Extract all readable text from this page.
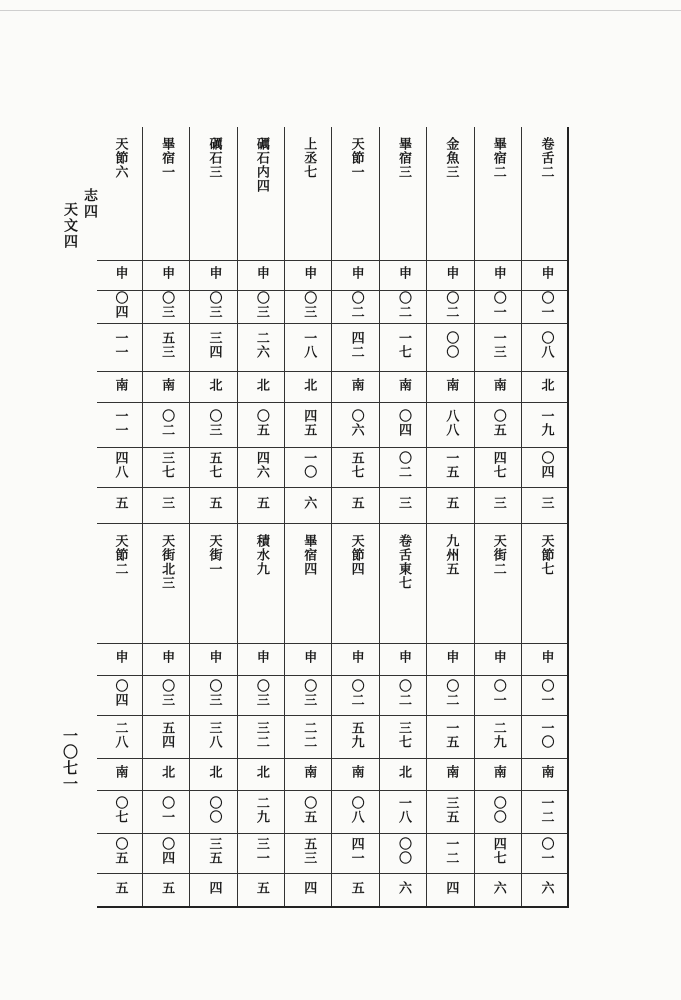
志四
天文四
一〇七一
天節六	畢宿一	礪石三	礪石内四	上丞七	天節一	畢宿三	金魚三	畢宿二	卷舌二
申	申	申	申	申	申	申	申	申	申
〇四	〇三	〇三	〇三	〇三	〇二	〇二	〇二	〇一	〇一
一一	五三	三四	二六	一八	四二	一七	〇〇	一三	〇八
南	南	北	北	北	南	南	南	南	北
一一	〇二	〇三	〇五	四五	〇六	〇四	八八	〇五	一九
四八	三七	五七	四六	一〇	五七	〇二	一五	四七	〇四
五	三	五	五	六	五	三	五	三	三
天節二	天街北三	天街一	積水九	畢宿四	天節四	卷舌東七	九州五	天街二	天節七
申	申	申	申	申	申	申	申	申	申
〇四	〇三	〇三	〇三	〇三	〇二	〇二	〇二	〇一	〇一
二八	五四	三八	三二	二二	五九	三七	一五	二九	一〇
南	北	北	北	南	南	北	南	南	南
〇七	〇一	〇〇	二九	〇五	〇八	一八	三五	〇〇	一二
〇五	〇四	三五	三一	五三	四一	〇〇	一二	四七	〇一
五	五	四	五	四	五	六	四	六	六
